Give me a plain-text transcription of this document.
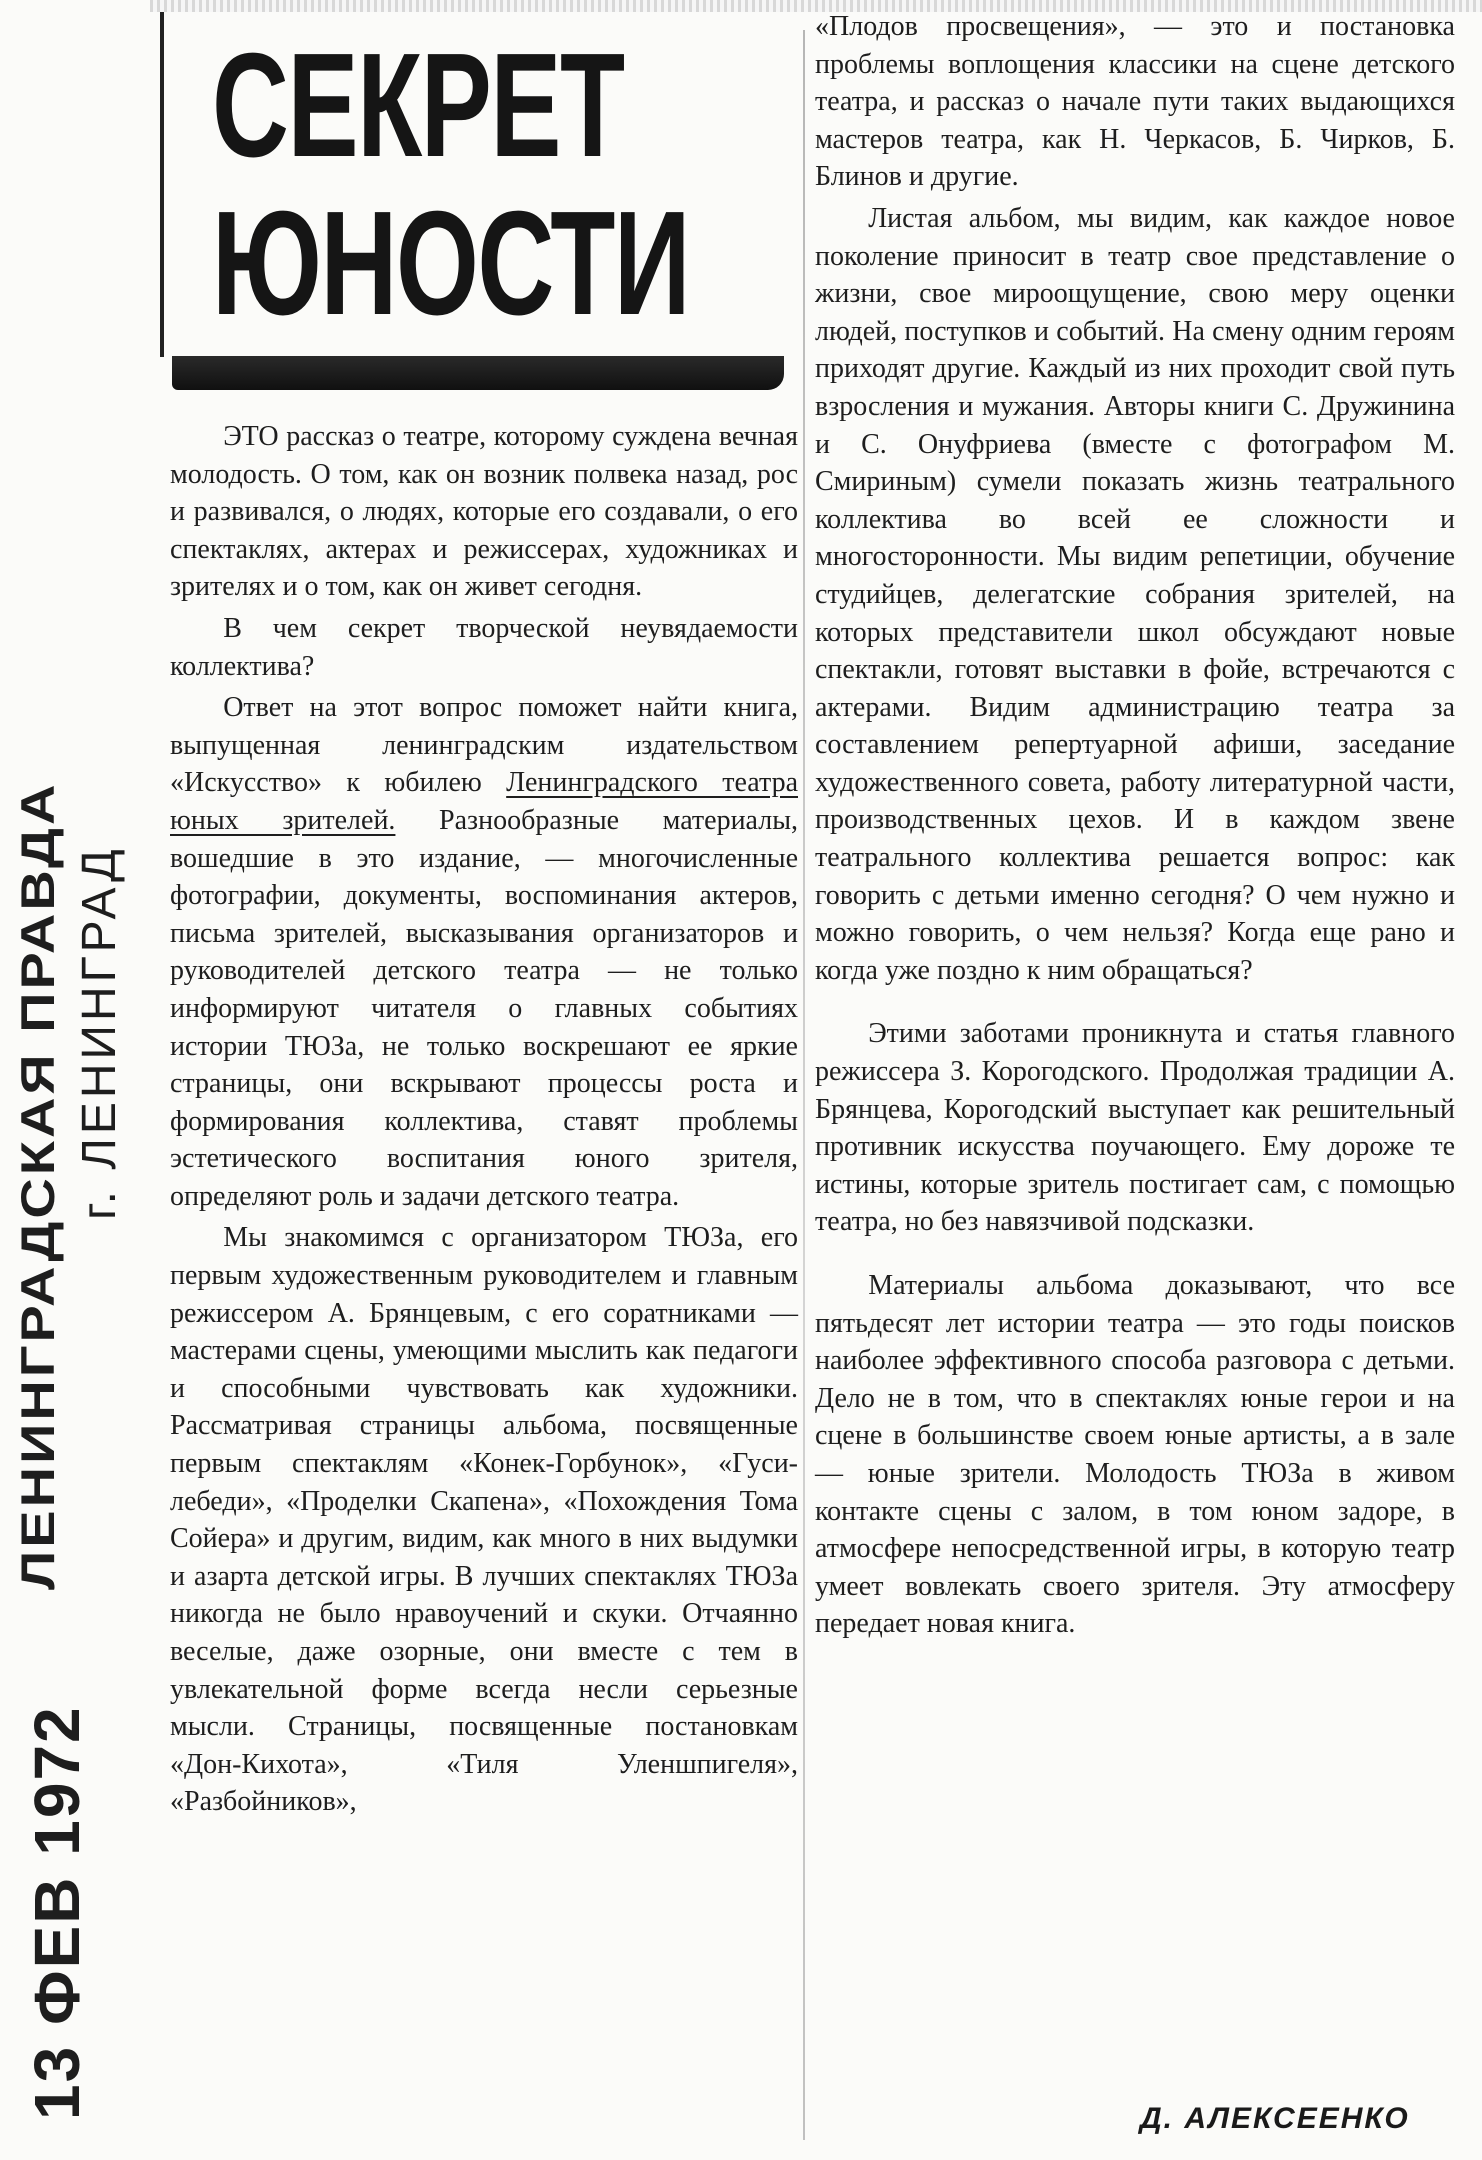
ЛЕНИНГРАДСКАЯ ПРАВДА г. ЛЕНИНГРАД
13 ФЕВ 1972
СЕКРЕТ
ЮНОСТИ

ЭТО рассказ о театре, которому суждена вечная молодость. О том, как он возник полвека назад, рос и развивался, о людях, которые его создавали, о его спектаклях, актерах и режиссерах, художниках и зрителях и о том, как он живет сегодня.

В чем секрет творческой неувядаемости коллектива?

Ответ на этот вопрос поможет найти книга, выпущенная ленинградским издательством «Искусство» к юбилею Ленинградского театра юных зрителей. Разнообразные материалы, вошедшие в это издание, — многочисленные фотографии, документы, воспоминания актеров, письма зрителей, высказывания организаторов и руководителей детского театра — не только информируют читателя о главных событиях истории ТЮЗа, не только воскрешают ее яркие страницы, они вскрывают процессы роста и формирования коллектива, ставят проблемы эстетического воспитания юного зрителя, определяют роль и задачи детского театра.

Мы знакомимся с организатором ТЮЗа, его первым художественным руководителем и главным режиссером А. Брянцевым, с его соратниками — мастерами сцены, умеющими мыслить как педагоги и способными чувствовать как художники. Рассматривая страницы альбома, посвященные первым спектаклям «Конек-Горбунок», «Гуси-лебеди», «Проделки Скапена», «Похождения Тома Сойера» и другим, видим, как много в них выдумки и азарта детской игры. В лучших спектаклях ТЮЗа никогда не было нравоучений и скуки. Отчаянно веселые, даже озорные, они вместе с тем в увлекательной форме всегда несли серьезные мысли. Страницы, посвященные постановкам «Дон-Кихота», «Тиля Уленшпигеля», «Разбойников»,

«Плодов просвещения», — это и постановка проблемы воплощения классики на сцене детского театра, и рассказ о начале пути таких выдающихся мастеров театра, как Н. Черкасов, Б. Чирков, Б. Блинов и другие.

Листая альбом, мы видим, как каждое новое поколение приносит в театр свое представление о жизни, свое мироощущение, свою меру оценки людей, поступков и событий. На смену одним героям приходят другие. Каждый из них проходит свой путь взросления и мужания. Авторы книги С. Дружинина и С. Онуфриева (вместе с фотографом М. Смириным) сумели показать жизнь театрального коллектива во всей ее сложности и многосторонности. Мы видим репетиции, обучение студийцев, делегатские собрания зрителей, на которых представители школ обсуждают новые спектакли, готовят выставки в фойе, встречаются с актерами. Видим администрацию театра за составлением репертуарной афиши, заседание художественного совета, работу литературной части, производственных цехов. И в каждом звене театрального коллектива решается вопрос: как говорить с детьми именно сегодня? О чем нужно и можно говорить, о чем нельзя? Когда еще рано и когда уже поздно к ним обращаться?

Этими заботами проникнута и статья главного режиссера З. Корогодского. Продолжая традиции А. Брянцева, Корогодский выступает как решительный противник искусства поучающего. Ему дороже те истины, которые зритель постигает сам, с помощью театра, но без навязчивой подсказки.

Материалы альбома доказывают, что все пятьдесят лет истории театра — это годы поисков наиболее эффективного способа разговора с детьми. Дело не в том, что в спектаклях юные герои и на сцене в большинстве своем юные артисты, а в зале — юные зрители. Молодость ТЮЗа в живом контакте сцены с залом, в том юном задоре, в атмосфере непосредственной игры, в которую театр умеет вовлекать своего зрителя. Эту атмосферу передает новая книга.

Д. АЛЕКСЕЕНКО
